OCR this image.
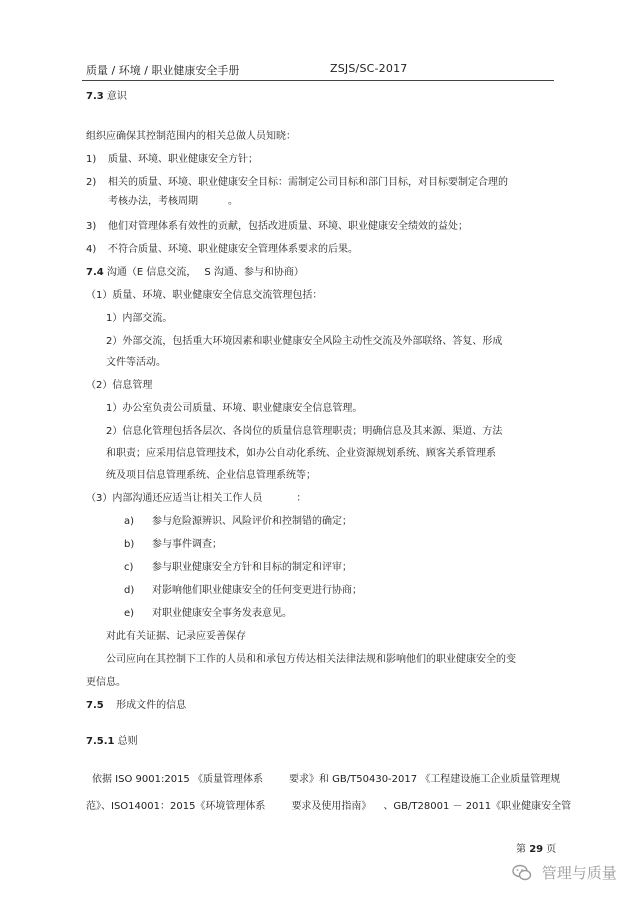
质量 / 环境 / 职业健康安全手册	ZSJS/SC-2017
7.3 意识
组织应确保其控制范围内的相关总做人员知晓：
1) 质量、环境、职业健康安全方针；
2) 相关的质量、环境、职业健康安全目标：需制定公司目标和部门目标，对目标要制定合理的
考核办法，考核周期	。
3) 他们对管理体系有效性的贡献，包括改进质量、环境、职业健康安全绩效的益处；
4) 不符合质量、环境、职业健康安全管理体系要求的后果。
7.4 沟通（E 信息交流， S 沟通、参与和协商）
（1）质量、环境、职业健康安全信息交流管理包括：
1）内部交流。
2）外部交流，包括重大环境因素和职业健康安全风险主动性交流及外部联络、答复、形成
文件等活动。
（2）信息管理
1）办公室负责公司质量、环境、职业健康安全信息管理。
2）信息化管理包括各层次、各岗位的质量信息管理职责；明确信息及其来源、渠道、方法
和职责；应采用信息管理技术，如办公自动化系统、企业资源规划系统、顾客关系管理系
统及项目信息管理系统、企业信息管理系统等；
（3）内部沟通还应适当让相关工作人员	：
a) 参与危险源辨识、风险评价和控制错的确定；
b) 参与事件调查；
c) 参与职业健康安全方针和目标的制定和评审；
d) 对影响他们职业健康安全的任何变更进行协商；
e) 对职业健康安全事务发表意见。
对此有关证据、记录应妥善保存
公司应向在其控制下工作的人员和和承包方传达相关法律法规和影响他们的职业健康安全的变
更信息。
7.5 形成文件的信息
7.5.1 总则
依据 ISO 9001:2015 《质量管理体系	要求》和 GB/T50430-2017 《工程建设施工企业质量管理规
范》、ISO14001：2015《环境管理体系	要求及使用指南》 、GB/T28001 － 2011《职业健康安全管
第 29 页
管理与质量
